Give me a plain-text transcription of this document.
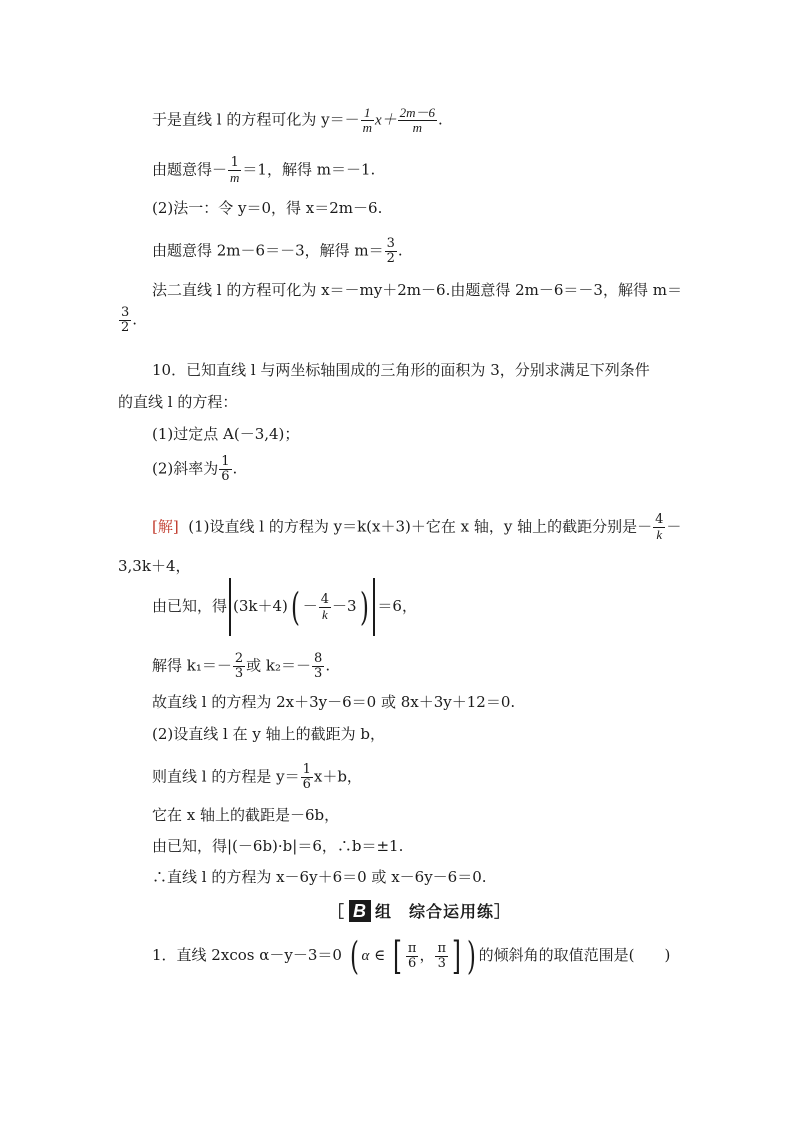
于是直线 l 的方程可化为 $y=- \frac{1}{m} x+ \frac{2m-6}{m}$ .
由题意得－ $\frac{1}{m} =1$，解得 m＝－1.
(2)法一：令 y＝0，得 x＝2m－6.
由题意得 2m－6＝－3，解得 $m= \frac{3}{2}$ .
法二直线 l 的方程可化为 x＝－my＋2m－6.由题意得 2m－6＝－3，解得 m＝
$\frac{3}{2}$ .
10．已知直线 l 与两坐标轴围成的三角形的面积为 3，分别求满足下列条件
的直线 l 的方程：
(1)过定点 A(－3,4)；
(2)斜率为 $\frac{1}{6}$ .
[解] (1)设直线 l 的方程为 y＝k(x＋3)＋它在 x 轴，y 轴上的截距分别是－ $\frac{4}{k}$ －
3,3k＋4，
由已知，得 $(3k+4)( - \frac{4}{k} -3) =6$，
解得 $k_1=- \frac{2}{3}$ 或 $k_2=- \frac{8}{3}$ .
故直线 l 的方程为 2x＋3y－6＝0 或 8x＋3y＋12＝0.
(2)设直线 l 在 y 轴上的截距为 b，
则直线 l 的方程是 $y= \frac{1}{6} x+b$，
它在 x 轴上的截距是－6b，
由已知，得|(－6b)·b|＝6，∴b＝±1.
∴直线 l 的方程为 x－6y＋6＝0 或 x－6y－6＝0.
［ B 组　综合运用练］
1．直线 2xcos α－y－3＝0 ( α ∈ [ $\frac{\pi}{6}$ ， $\frac{\pi}{3}$ ] ) 的倾斜角的取值范围是(　　)
